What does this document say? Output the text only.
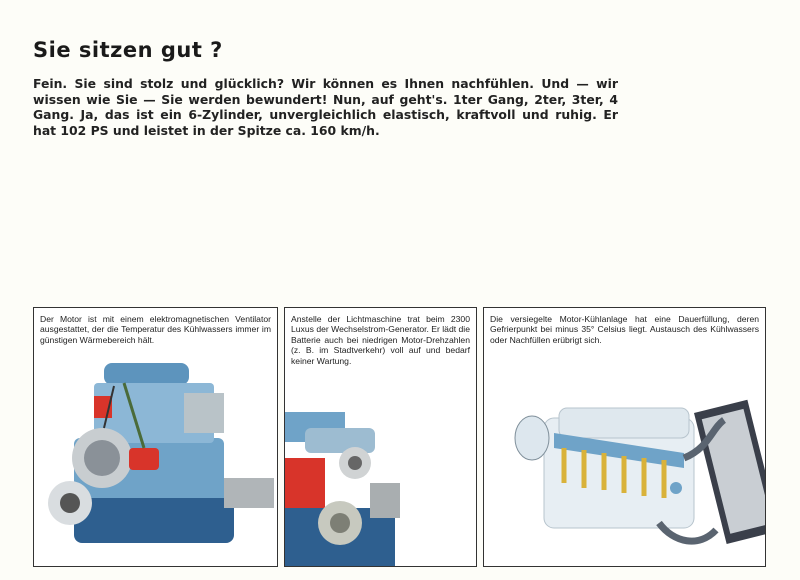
Sie sitzen gut ?
Fein. Sie sind stolz und glücklich? Wir können es Ihnen nachfühlen. Und — wir wissen wie Sie — Sie werden bewundert! Nun, auf geht's. 1ter Gang, 2ter, 3ter, 4 Gang. Ja, das ist ein 6-Zylinder, unvergleichlich elastisch, kraftvoll und ruhig. Er hat 102 PS und leistet in der Spitze ca. 160 km/h.
Der Motor ist mit einem elektromagnetischen Ventilator ausgestattet, der die Temperatur des Kühlwassers immer im günstigen Wärmebereich hält.
Anstelle der Lichtmaschine trat beim 2300 Luxus der Wechselstrom-Generator. Er lädt die Batterie auch bei niedrigen Motor-Drehzahlen (z. B. im Stadtverkehr) voll auf und bedarf keiner Wartung.
Die versiegelte Motor-Kühlanlage hat eine Dauerfüllung, deren Gefrierpunkt bei minus 35° Celsius liegt. Austausch des Kühlwassers oder Nachfüllen erübrigt sich.
